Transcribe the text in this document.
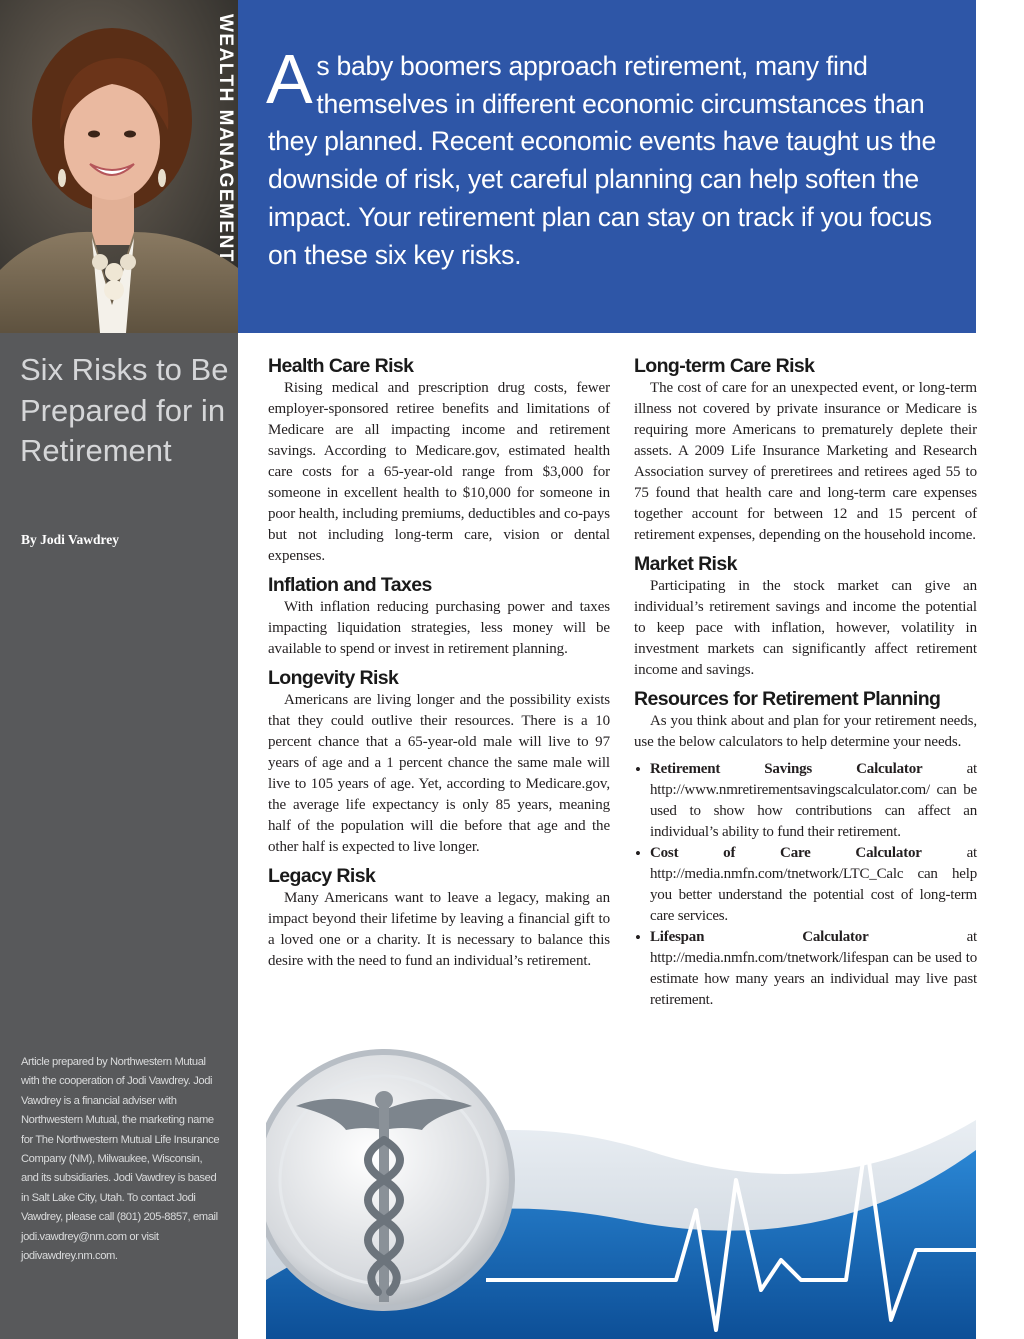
WEALTH MANAGEMENT
Six Risks to Be Prepared for in Retirement
By Jodi Vawdrey
Article prepared by Northwestern Mutual with the cooperation of Jodi Vawdrey. Jodi Vawdrey is a financial adviser with Northwestern Mutual, the marketing name for The Northwestern Mutual Life Insurance Company (NM), Milwaukee, Wisconsin, and its subsidiaries. Jodi Vawdrey is based in Salt Lake City, Utah. To contact Jodi Vawdrey, please call (801) 205-8857, email jodi.vawdrey@nm.com or visit jodivawdrey.nm.com.
As baby boomers approach retirement, many find themselves in different economic circumstances than they planned. Recent economic events have taught us the downside of risk, yet careful planning can help soften the impact. Your retirement plan can stay on track if you focus on these six key risks.
Health Care Risk

Rising medical and prescription drug costs, fewer employer-sponsored retiree benefits and limitations of Medicare are all impacting income and retirement savings. According to Medicare.gov, estimated health care costs for a 65-year-old range from $3,000 for someone in excellent health to $10,000 for someone in poor health, including premiums, deductibles and co-pays but not including long-term care, vision or dental expenses.

Inflation and Taxes

With inflation reducing purchasing power and taxes impacting liquidation strategies, less money will be available to spend or invest in retirement planning.

Longevity Risk

Americans are living longer and the possibility exists that they could outlive their resources. There is a 10 percent chance that a 65-year-old male will live to 97 years of age and a 1 percent chance the same male will live to 105 years of age. Yet, according to Medicare.gov, the average life expectancy is only 85 years, meaning half of the population will die before that age and the other half is expected to live longer.

Legacy Risk

Many Americans want to leave a legacy, making an impact beyond their lifetime by leaving a financial gift to a loved one or a charity. It is necessary to balance this desire with the need to fund an individual’s retirement.

Long-term Care Risk

The cost of care for an unexpected event, or long-term illness not covered by private insurance or Medicare is requiring more Americans to prematurely deplete their assets. A 2009 Life Insurance Marketing and Research Association survey of preretirees and retirees aged 55 to 75 found that health care and long-term care expenses together account for between 12 and 15 percent of retirement expenses, depending on the household income.

Market Risk

Participating in the stock market can give an individual’s retirement savings and income the potential to keep pace with inflation, however, volatility in investment markets can significantly affect retirement income and savings.

Resources for Retirement Planning

As you think about and plan for your retirement needs, use the below calculators to help determine your needs.

• Retirement Savings Calculator at http://www.nmretirementsavingscalculator.com/ can be used to show how contributions can affect an individual’s ability to fund their retirement.
• Cost of Care Calculator at http://media.nmfn.com/tnetwork/LTC_Calc can help you better understand the potential cost of long-term care services.
• Lifespan Calculator at http://media.nmfn.com/tnetwork/lifespan can be used to estimate how many years an individual may live past retirement.
